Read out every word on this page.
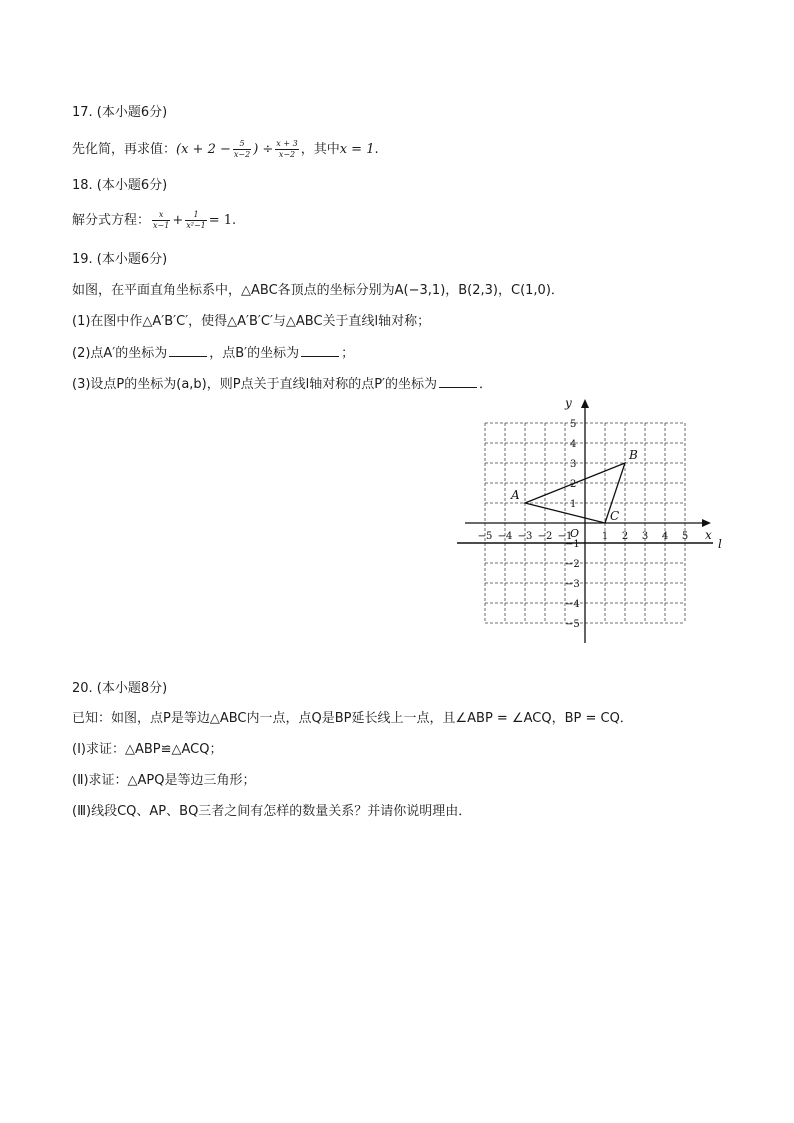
17. (本小题6分)
先化简，再求值：($x + 2 - \frac{5}{x-2}$ ) ÷ $\frac{x + 3}{x-2}$ ，其中x = 1.
18. (本小题6分)
解分式方程： $\frac{x}{x-1} + \frac{1}{\text{x²−1}} = 1$.
19. (本小题6分)
如图，在平面直角坐标系中，△ABC各顶点的坐标分别为A(−3,1)，B(2,3)，C(1,0)．
(1)在图中作△A′B′C′，使得△A′B′C′与△ABC关于直线l轴对称；
(2)点A′的坐标为	，点B′的坐标为	；
(3)设点P的坐标为(a,b)，则P点关于直线l轴对称的点P′的坐标为	．
l
x
y
O
−5 −4 −3 −2 −1	1 2 3 4 5
1
2
3
4
5
−1
−2
−3
−4
−5
A
B
C
20. (本小题8分)
已知：如图，点P是等边△ABC内一点，点Q是BP延长线上一点，且∠ABP = ∠ACQ，BP = CQ．
(Ⅰ)求证：△ABP≌△ACQ；
(Ⅱ)求证：△APQ是等边三角形；
(Ⅲ)线段CQ、AP、BQ三者之间有怎样的数量关系？并请你说明理由．
